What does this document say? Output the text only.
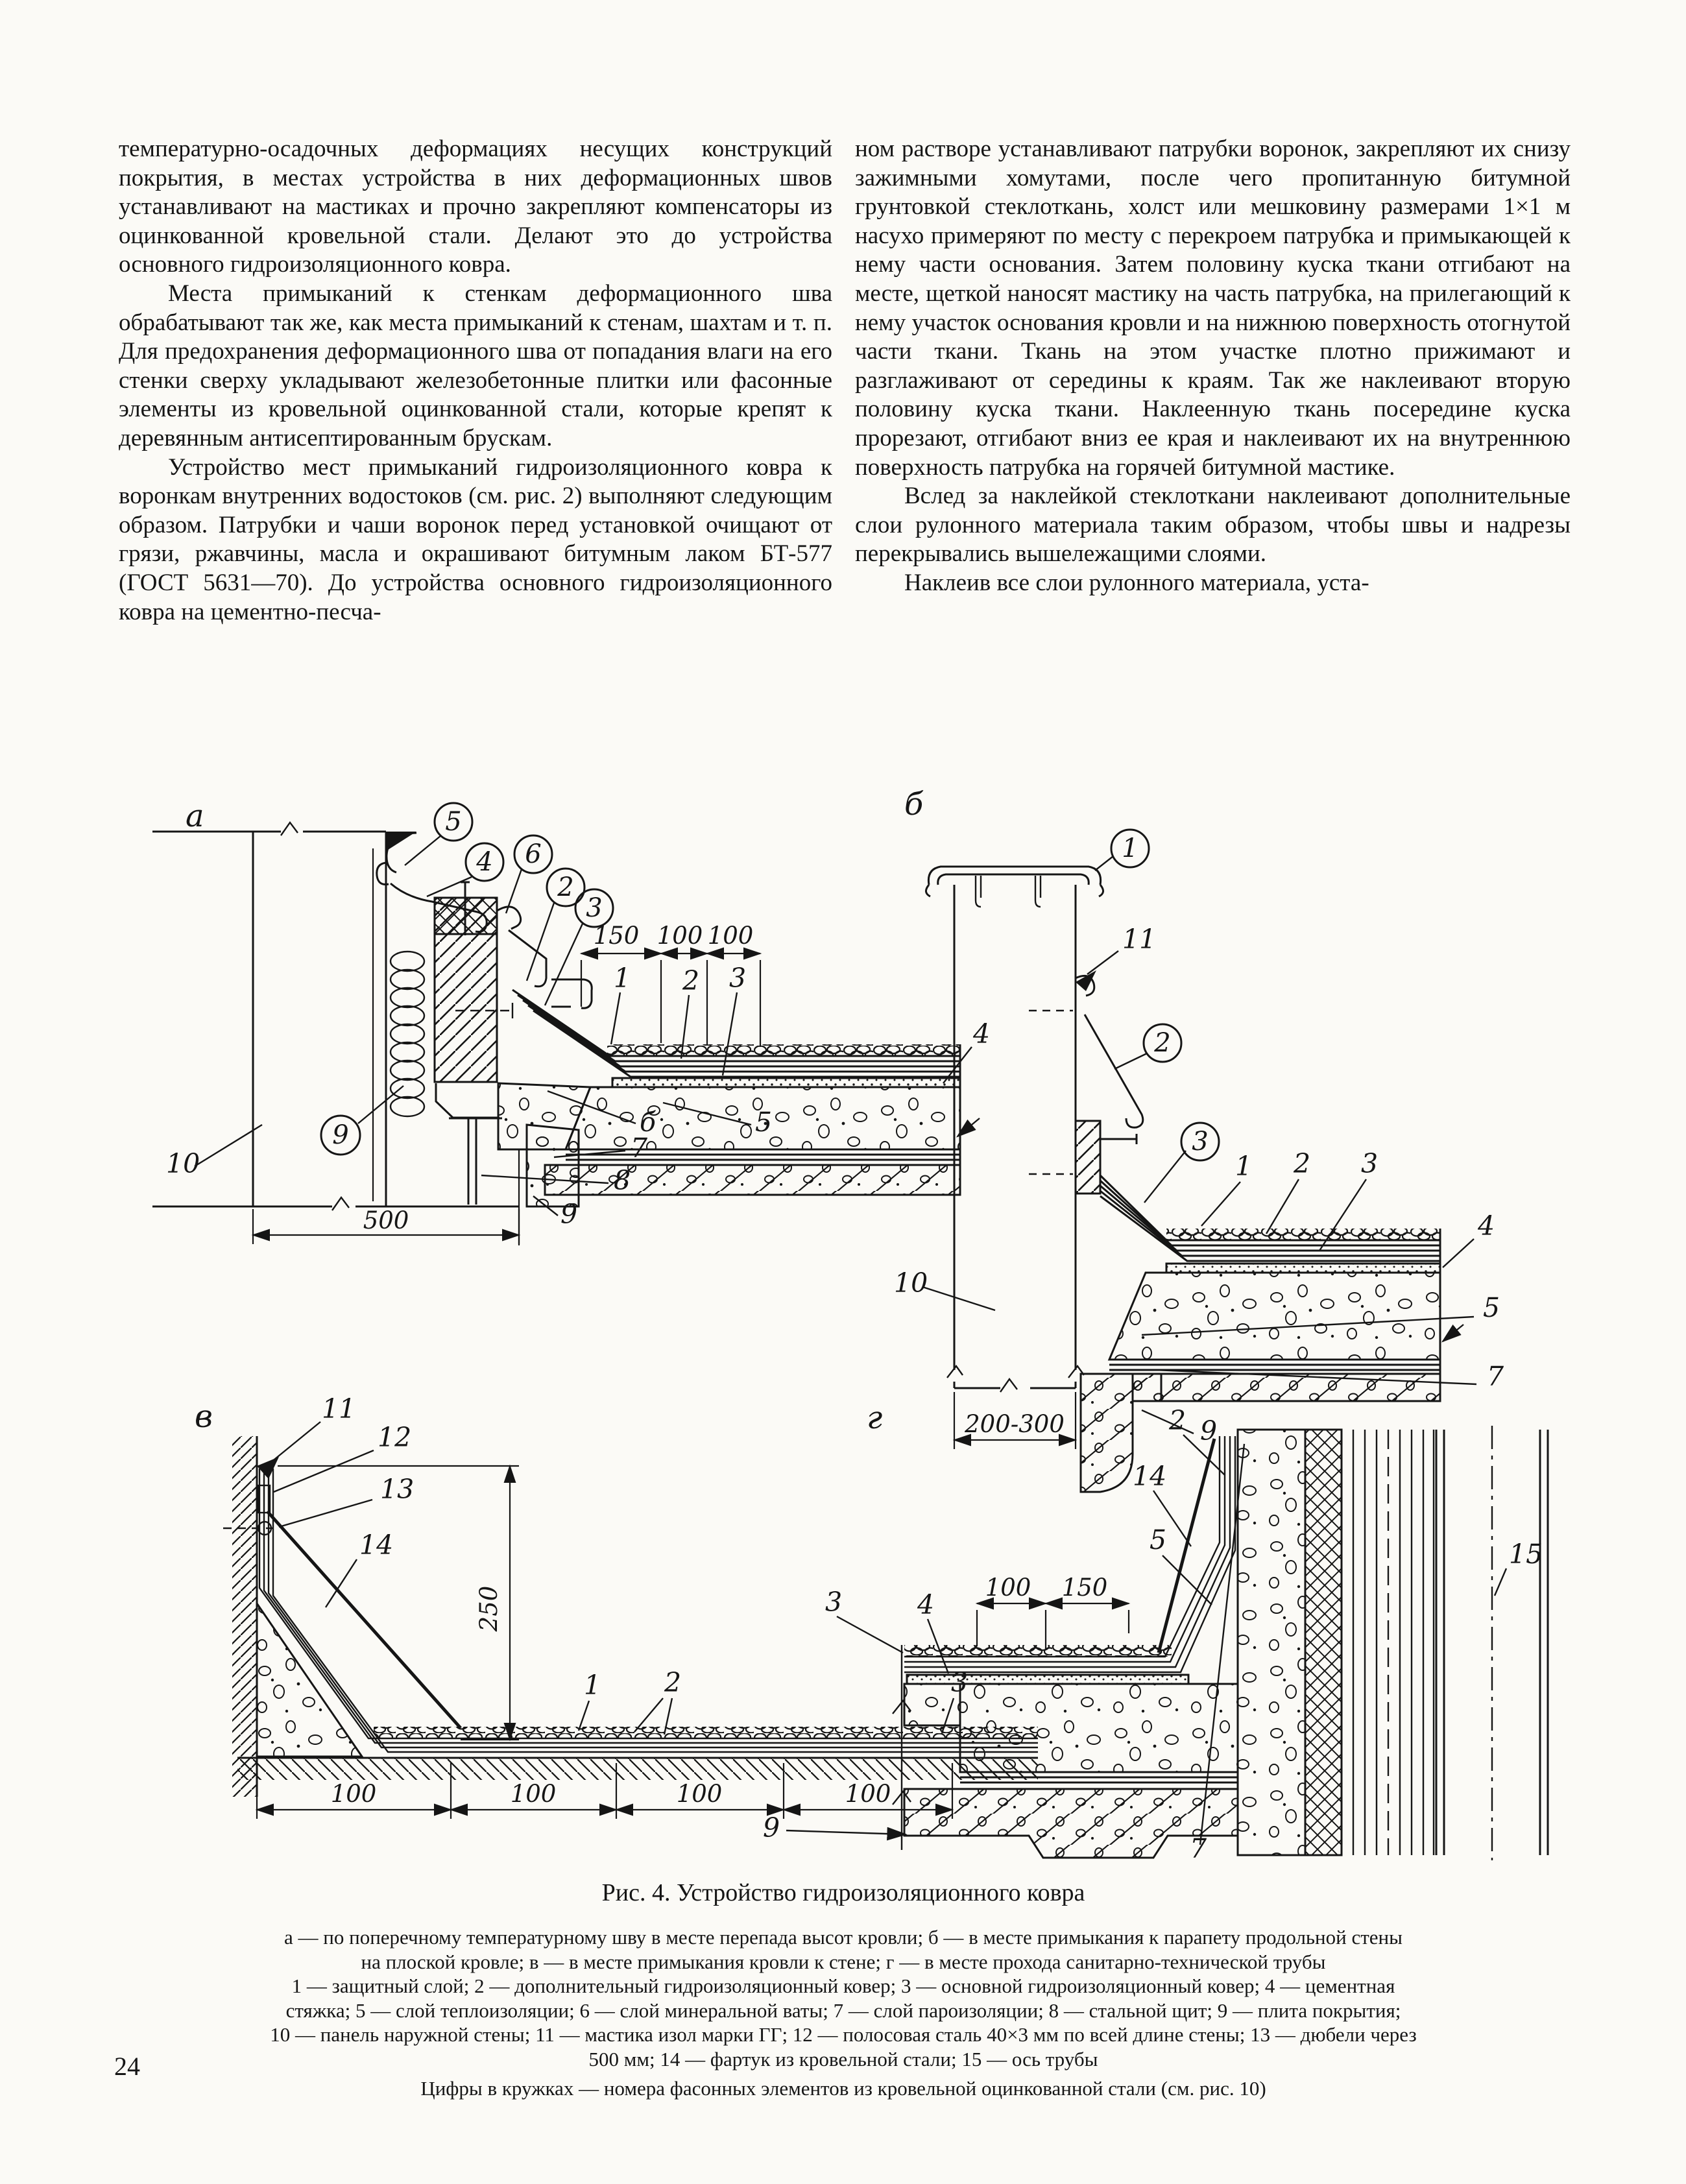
температурно-осадочных деформациях несущих конструкций покрытия, в местах устройства в них деформационных швов устанавливают на мастиках и прочно закрепляют компенсаторы из оцинкованной кровельной стали. Делают это до устройства основного гидроизоляционного ковра.

Места примыканий к стенкам деформационного шва обрабатывают так же, как места примыканий к стенам, шахтам и т. п. Для предохранения деформационного шва от попадания влаги на его стенки сверху укладывают железобетонные плитки или фасонные элементы из кровельной оцинкованной стали, которые крепят к деревянным антисептированным брускам.

Устройство мест примыканий гидроизоляционного ковра к воронкам внутренних водостоков (см. рис. 2) выполняют следующим образом. Патрубки и чаши воронок перед установкой очищают от грязи, ржавчины, масла и окрашивают битумным лаком БТ-577 (ГОСТ 5631—70). До устройства основного гидроизоляционного ковра на цементно-песча-

ном растворе устанавливают патрубки воронок, закрепляют их снизу зажимными хомутами, после чего пропитанную битумной грунтовкой стеклоткань, холст или мешковину размерами 1×1 м насухо примеряют по месту с перекроем патрубка и примыкающей к нему части основания. Затем половину куска ткани отгибают на месте, щеткой наносят мастику на часть патрубка, на прилегающий к нему участок основания кровли и на нижнюю поверхность отогнутой части ткани. Ткань на этом участке плотно прижимают и разглаживают от середины к краям. Так же наклеивают вторую половину куска ткани. Наклеенную ткань посередине куска прорезают, отгибают вниз ее края и наклеивают их на внутреннюю поверхность патрубка на горячей битумной мастике.

Вслед за наклейкой стеклоткани наклеивают дополнительные слои рулонного материала таким образом, чтобы швы и надрезы перекрывались вышележащими слоями.

Наклеив все слои рулонного материала, уста-

5
4 6
2
3
9
а
150 100 100
500
1 2 3
4
10
б	5
7
8
9
1
2
3
б
11
1 2 3
4
5
7
9
10
200-300
в	11
12
13
14
250
1 2
100	100	100	100
г	2
14
5
100 150
3	4
15
9
7
Рис. 4. Устройство гидроизоляционного ковра
а — по поперечному температурному шву в месте перепада высот кровли; б — в месте примыкания к парапету продольной стены
на плоской кровле; в — в месте примыкания кровли к стене; г — в месте прохода санитарно-технической трубы
1 — защитный слой; 2 — дополнительный гидроизоляционный ковер; 3 — основной гидроизоляционный ковер; 4 — цементная
стяжка; 5 — слой теплоизоляции; 6 — слой минеральной ваты; 7 — слой пароизоляции; 8 — стальной щит; 9 — плита покрытия;
10 — панель наружной стены; 11 — мастика изол марки ГГ; 12 — полосовая сталь 40×3 мм по всей длине стены; 13 — дюбели через
500 мм; 14 — фартук из кровельной стали; 15 — ось трубы
Цифры в кружках — номера фасонных элементов из кровельной оцинкованной стали (см. рис. 10)
24
